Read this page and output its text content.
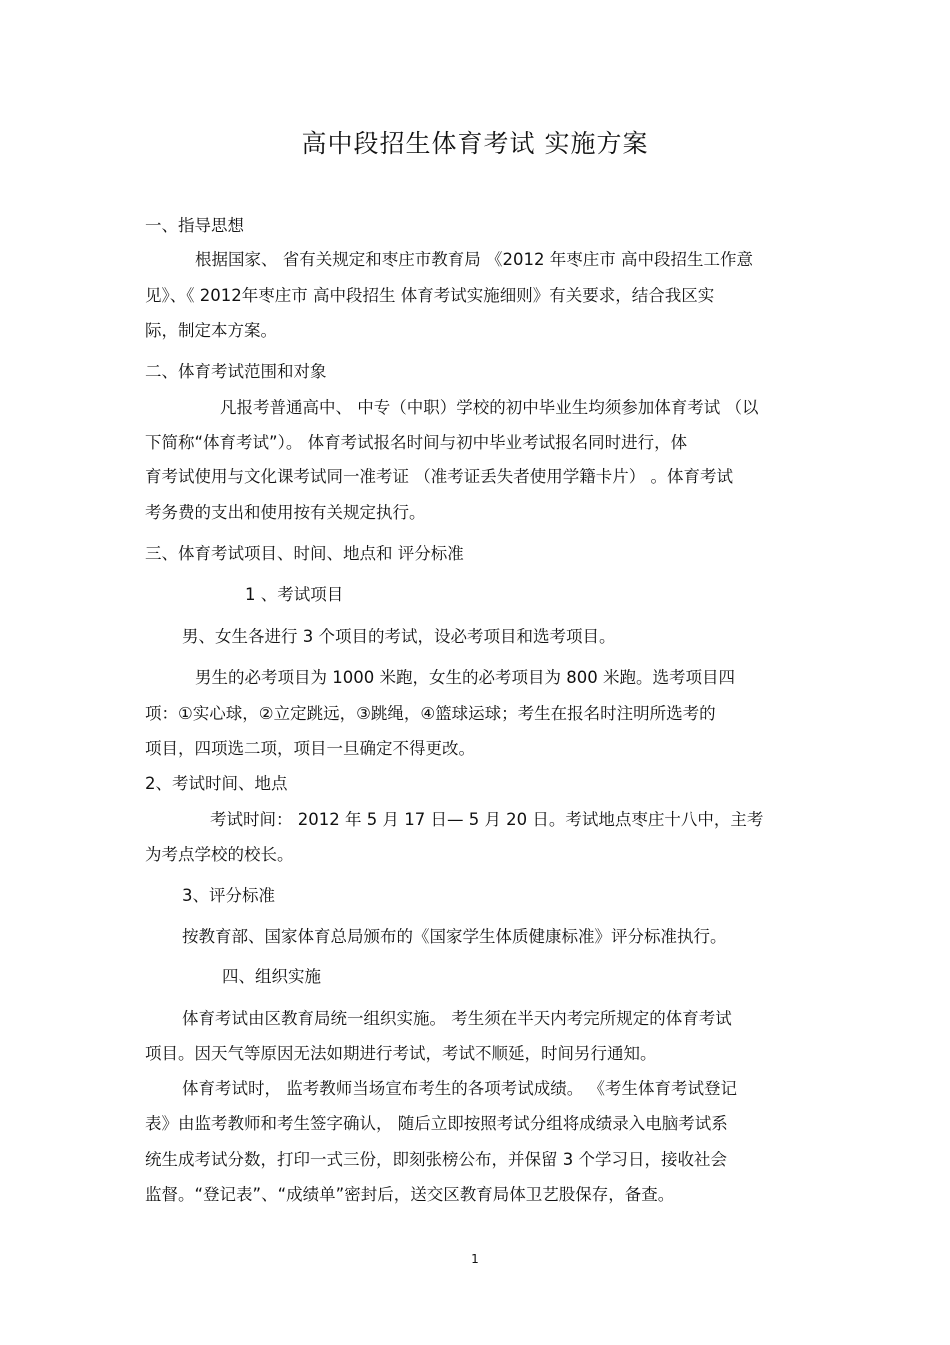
高中段招生体育考试 实施方案

一、指导思想

根据国家、 省有关规定和枣庄市教育局 《2012 年枣庄市 高中段招生工作意

见》、《 2012年枣庄市 高中段招生 体育考试实施细则》有关要求，结合我区实

际，制定本方案。

二、体育考试范围和对象

凡报考普通高中、 中专（中职）学校的初中毕业生均须参加体育考试 （以

下简称“体育考试”）。 体育考试报名时间与初中毕业考试报名同时进行，体

育考试使用与文化课考试同一准考证 （准考证丢失者使用学籍卡片） 。体育考试

考务费的支出和使用按有关规定执行。

三、体育考试项目、时间、地点和 评分标准

1 、考试项目

男、女生各进行 3 个项目的考试，设必考项目和选考项目。

男生的必考项目为 1000 米跑，女生的必考项目为 800 米跑。选考项目四

项：①实心球，②立定跳远，③跳绳，④篮球运球；考生在报名时注明所选考的

项目，四项选二项，项目一旦确定不得更改。

2、考试时间、地点

考试时间： 2012 年 5 月 17 日— 5 月 20 日。考试地点枣庄十八中，主考

为考点学校的校长。

3、评分标准

按教育部、国家体育总局颁布的《国家学生体质健康标准》评分标准执行。

四、组织实施

体育考试由区教育局统一组织实施。 考生须在半天内考完所规定的体育考试

项目。因天气等原因无法如期进行考试，考试不顺延，时间另行通知。

体育考试时， 监考教师当场宣布考生的各项考试成绩。 《考生体育考试登记

表》由监考教师和考生签字确认， 随后立即按照考试分组将成绩录入电脑考试系

统生成考试分数，打印一式三份，即刻张榜公布，并保留 3 个学习日，接收社会

监督。“登记表”、“成绩单”密封后，送交区教育局体卫艺股保存，备查。

1
